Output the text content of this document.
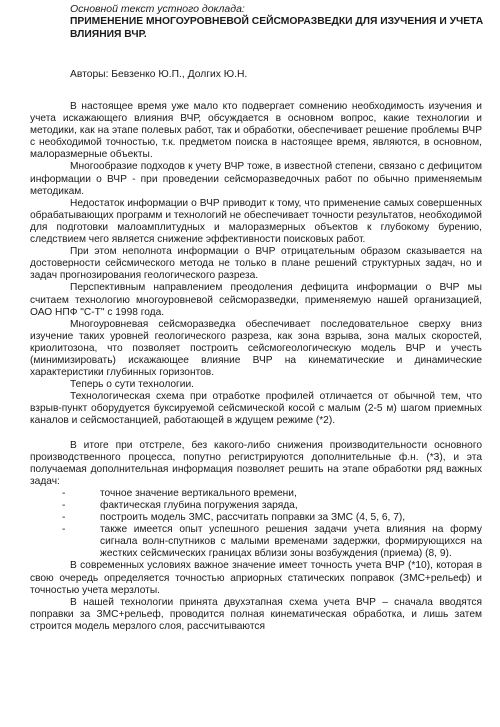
Основной текст устного доклада:
ПРИМЕНЕНИЕ МНОГОУРОВНЕВОЙ СЕЙСМОРАЗВЕДКИ ДЛЯ ИЗУЧЕНИЯ И УЧЕТА ВЛИЯНИЯ ВЧР.
Авторы: Бевзенко Ю.П., Долгих Ю.Н.

В настоящее время уже мало кто подвергает сомнению необходимость изучения и учета искажающего влияния ВЧР, обсуждается в основном вопрос, какие технологии и методики, как на этапе полевых работ, так и обработки, обеспечивает решение проблемы ВЧР с необходимой точностью, т.к. предметом поиска в настоящее время, являются, в основном, малоразмерные объекты.

Многообразие подходов к учету ВЧР тоже, в известной степени, связано с дефицитом информации о ВЧР - при проведении сейсморазведочных работ по обычно применяемым методикам.

Недостаток информации о ВЧР приводит к тому, что применение самых совершенных обрабатывающих программ и технологий не обеспечивает точности результатов, необходимой для подготовки малоамплитудных и малоразмерных объектов к глубокому бурению, следствием чего является снижение эффективности поисковых работ.

При этом неполнота информации о ВЧР отрицательным образом сказывается на достоверности сейсмического метода не только в плане решений структурных задач, но и задач прогнозирования геологического разреза.

Перспективным направлением преодоления дефицита информации о ВЧР мы считаем технологию многоуровневой сейсморазведки, применяемую нашей организацией, ОАО НПФ "С-Т" с 1998 года.

Многоуровневая сейсморазведка обеспечивает последовательное сверху вниз изучение таких уровней геологического разреза, как зона взрыва, зона малых скоростей, криолитозона, что позволяет построить сейсмогеологическую модель ВЧР и учесть (минимизировать) искажающее влияние ВЧР на кинематические и динамические характеристики глубинных горизонтов.

Теперь о сути технологии.

Технологическая схема при отработке профилей отличается от обычной тем, что взрыв-пункт оборудуется буксируемой сейсмической косой с малым (2-5 м) шагом приемных каналов и сейсмостанцией, работающей в ждущем режиме (*2).

В итоге при отстреле, без какого-либо снижения производительности основного производственного процесса, попутно регистрируются дополнительные ф.н. (*3), и эта получаемая дополнительная информация позволяет решить на этапе обработки ряд важных задач:

- точное значение вертикального времени,
- фактическая глубина погружения заряда,
- построить модель ЗМС, рассчитать поправки за ЗМС (4, 5, 6, 7),
- также имеется опыт успешного решения задачи учета влияния на форму сигнала волн-спутников с малыми временами задержки, формирующихся на жестких сейсмических границах вблизи зоны возбуждения (приема) (8, 9).

В современных условиях важное значение имеет точность учета ВЧР (*10), которая в свою очередь определяется точностью априорных статических поправок (ЗМС+рельеф) и точностью учета мерзлоты.

В нашей технологии принята двухэтапная схема учета ВЧР – сначала вводятся поправки за ЗМС+рельеф, проводится полная кинематическая обработка, и лишь затем строится модель мерзлого слоя, рассчитываются
